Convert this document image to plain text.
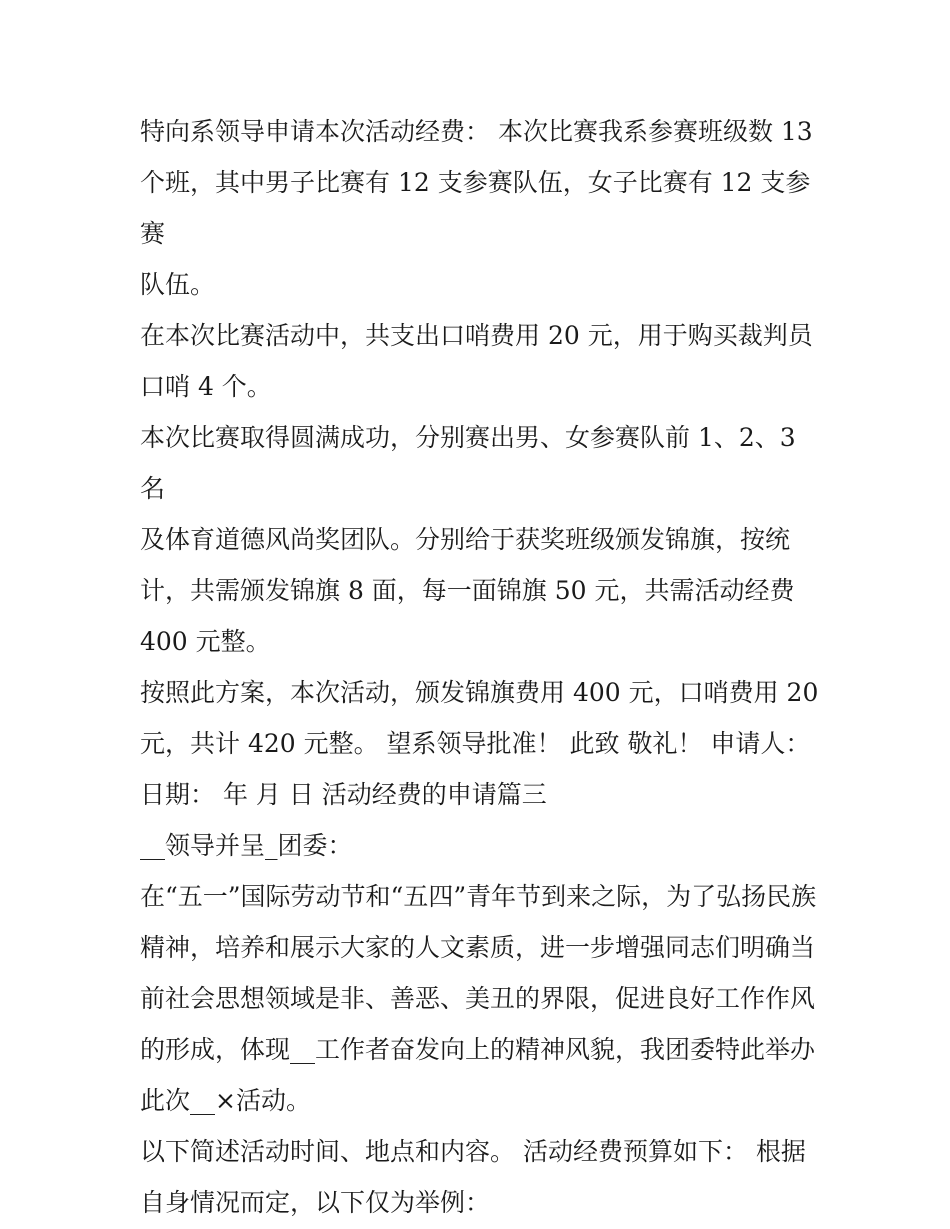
特向系领导申请本次活动经费： 本次比赛我系参赛班级数 13

个班，其中男子比赛有 12 支参赛队伍，女子比赛有 12 支参赛

队伍。

在本次比赛活动中，共支出口哨费用 20 元，用于购买裁判员

口哨 4 个。

本次比赛取得圆满成功，分别赛出男、女参赛队前 1、2、3 名

及体育道德风尚奖团队。分别给于获奖班级颁发锦旗，按统

计，共需颁发锦旗 8 面，每一面锦旗 50 元，共需活动经费

400 元整。

按照此方案，本次活动，颁发锦旗费用 400 元，口哨费用 20

元，共计 420 元整。 望系领导批准！ 此致 敬礼！ 申请人：

日期： 年 月 日 活动经费的申请篇三

__领导并呈_团委：

在“五一”国际劳动节和“五四”青年节到来之际，为了弘扬民族

精神，培养和展示大家的人文素质，进一步增强同志们明确当

前社会思想领域是非、善恶、美丑的界限，促进良好工作作风

的形成，体现__工作者奋发向上的精神风貌，我团委特此举办

此次__×活动。

以下简述活动时间、地点和内容。 活动经费预算如下： 根据

自身情况而定，以下仅为举例：
